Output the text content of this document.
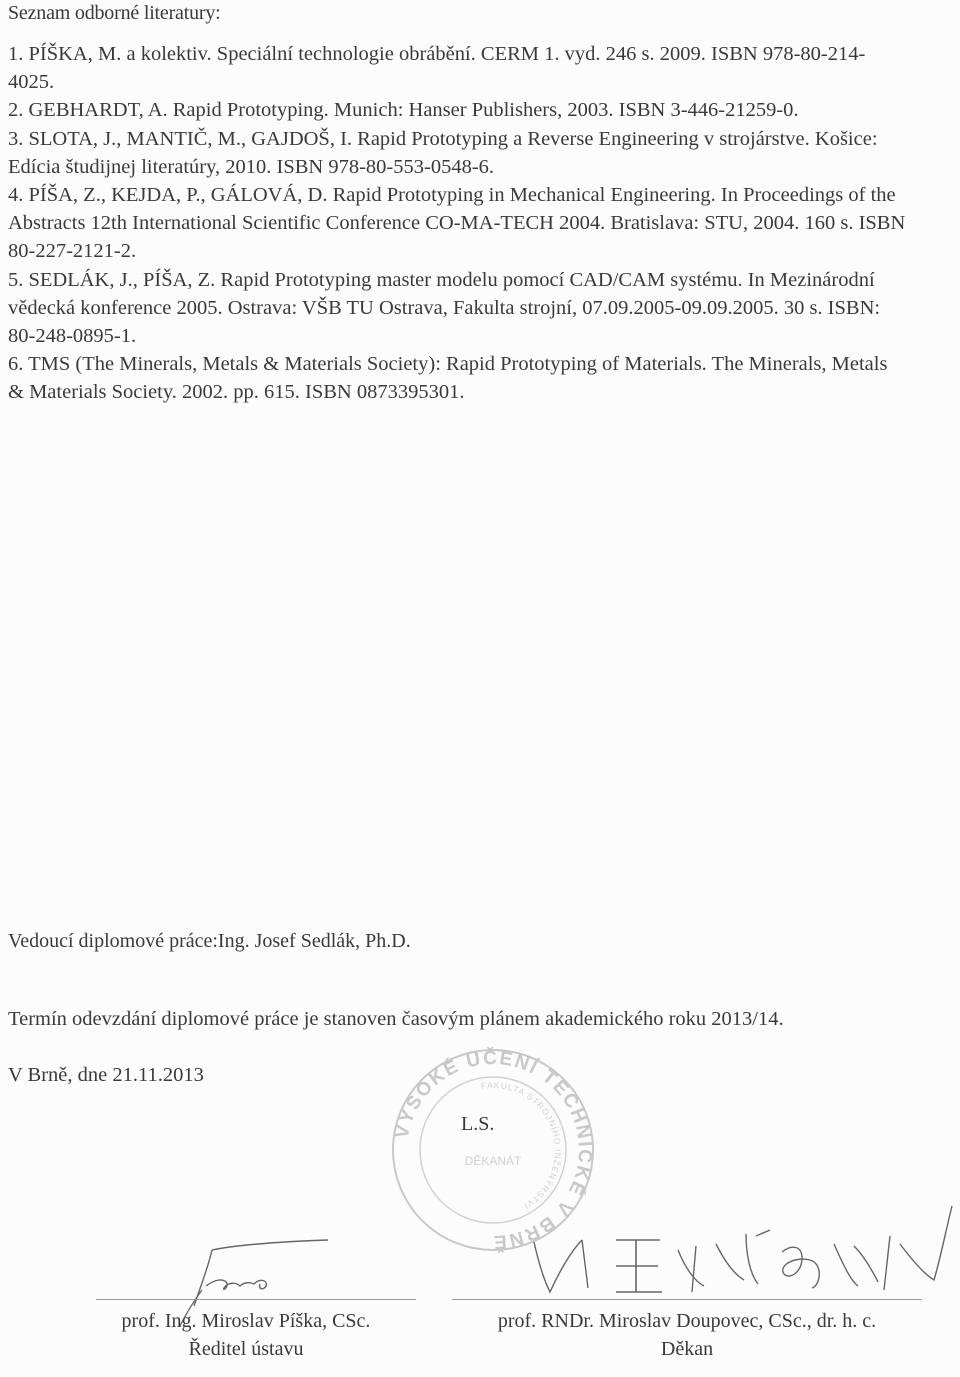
Seznam odborné literatury:
1. PÍŠKA, M. a kolektiv. Speciální technologie obrábění. CERM 1. vyd. 246 s. 2009. ISBN 978-80-214-4025.
2. GEBHARDT, A. Rapid Prototyping. Munich: Hanser Publishers, 2003. ISBN 3-446-21259-0.
3. SLOTA, J., MANTIČ, M., GAJDOŠ, I. Rapid Prototyping a Reverse Engineering v strojárstve. Košice: Edícia študijnej literatúry, 2010. ISBN 978-80-553-0548-6.
4. PÍŠA, Z., KEJDA, P., GÁLOVÁ, D. Rapid Prototyping in Mechanical Engineering. In Proceedings of the Abstracts 12th International Scientific Conference CO-MA-TECH 2004. Bratislava: STU, 2004. 160 s. ISBN 80-227-2121-2.
5. SEDLÁK, J., PÍŠA, Z. Rapid Prototyping master modelu pomocí CAD/CAM systému. In Mezinárodní vědecká konference 2005. Ostrava: VŠB TU Ostrava, Fakulta strojní, 07.09.2005-09.09.2005. 30 s. ISBN: 80-248-0895-1.
6. TMS (The Minerals, Metals & Materials Society): Rapid Prototyping of Materials. The Minerals, Metals & Materials Society. 2002. pp. 615. ISBN 0873395301.
Vedoucí diplomové práce:Ing. Josef Sedlák, Ph.D.
Termín odevzdání diplomové práce je stanoven časovým plánem akademického roku 2013/14.
V Brně, dne 21.11.2013
VYSOKÉ UČENÍ TECHNICKÉ V BRNĚ
FAKULTA STROJNÍHO INŽENÝRSTVÍ
DĚKANÁT
L.S.
prof. Ing. Miroslav Píška, CSc.
Ředitel ústavu
prof. RNDr. Miroslav Doupovec, CSc., dr. h. c.
Děkan
